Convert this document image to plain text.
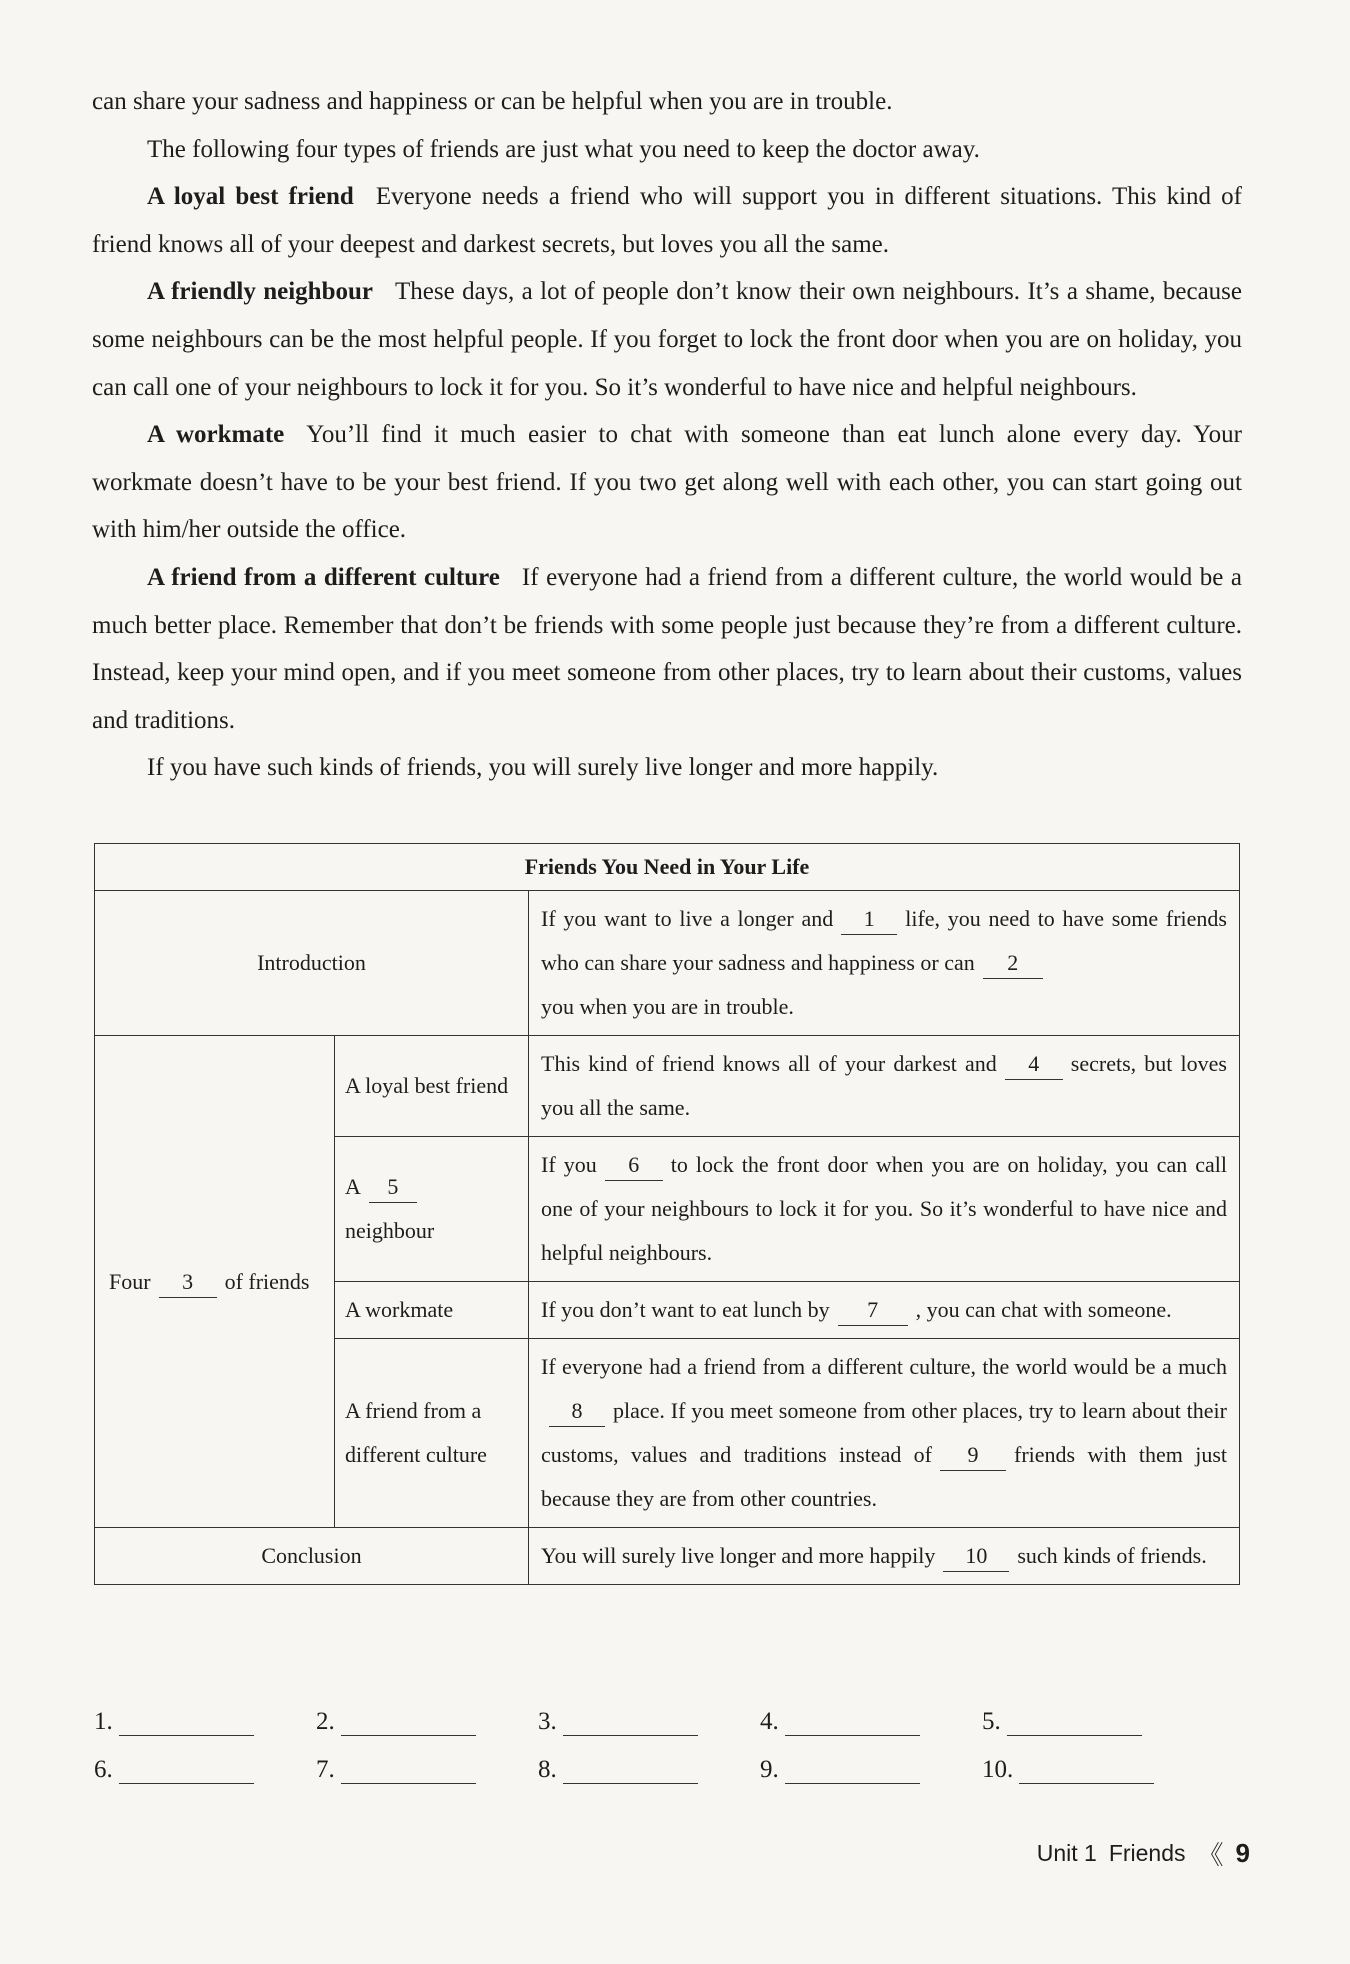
can share your sadness and happiness or can be helpful when you are in trouble.

The following four types of friends are just what you need to keep the doctor away.

A loyal best friend Everyone needs a friend who will support you in different situations. This kind of friend knows all of your deepest and darkest secrets, but loves you all the same.

A friendly neighbour These days, a lot of people don’t know their own neighbours. It’s a shame, because some neighbours can be the most helpful people. If you forget to lock the front door when you are on holiday, you can call one of your neighbours to lock it for you. So it’s wonderful to have nice and helpful neighbours.

A workmate You’ll find it much easier to chat with someone than eat lunch alone every day. Your workmate doesn’t have to be your best friend. If you two get along well with each other, you can start going out with him/her outside the office.

A friend from a different culture If everyone had a friend from a different culture, the world would be a much better place. Remember that don’t be friends with some people just because they’re from a different culture. Instead, keep your mind open, and if you meet someone from other places, try to learn about their customs, values and traditions.

If you have such kinds of friends, you will surely live longer and more happily.

Friends You Need in Your Life		
Introduction		If you want to live a longer and 1 life, you need to have some friends who can share your sadness and happiness or can 2
you when you are in trouble.
Four 3 of friends	A loyal best friend	This kind of friend knows all of your darkest and 4 secrets, but loves you all the same.
	A 5
neighbour	If you 6 to lock the front door when you are on holiday, you can call one of your neighbours to lock it for you. So it’s wonderful to have nice and helpful neighbours.
	A workmate	If you don’t want to eat lunch by 7 , you can chat with someone.
	A friend from a different culture	If everyone had a friend from a different culture, the world would be a much8 place. If you meet someone from other places, try to learn about their customs, values and traditions instead of 9 friends with them just because they are from other countries.
Conclusion		You will surely live longer and more happily 10 such kinds of friends.
1.	2.	3.	4.	5.
6.	7.	8.	9.	10.
Unit 1 Friends 《 9
